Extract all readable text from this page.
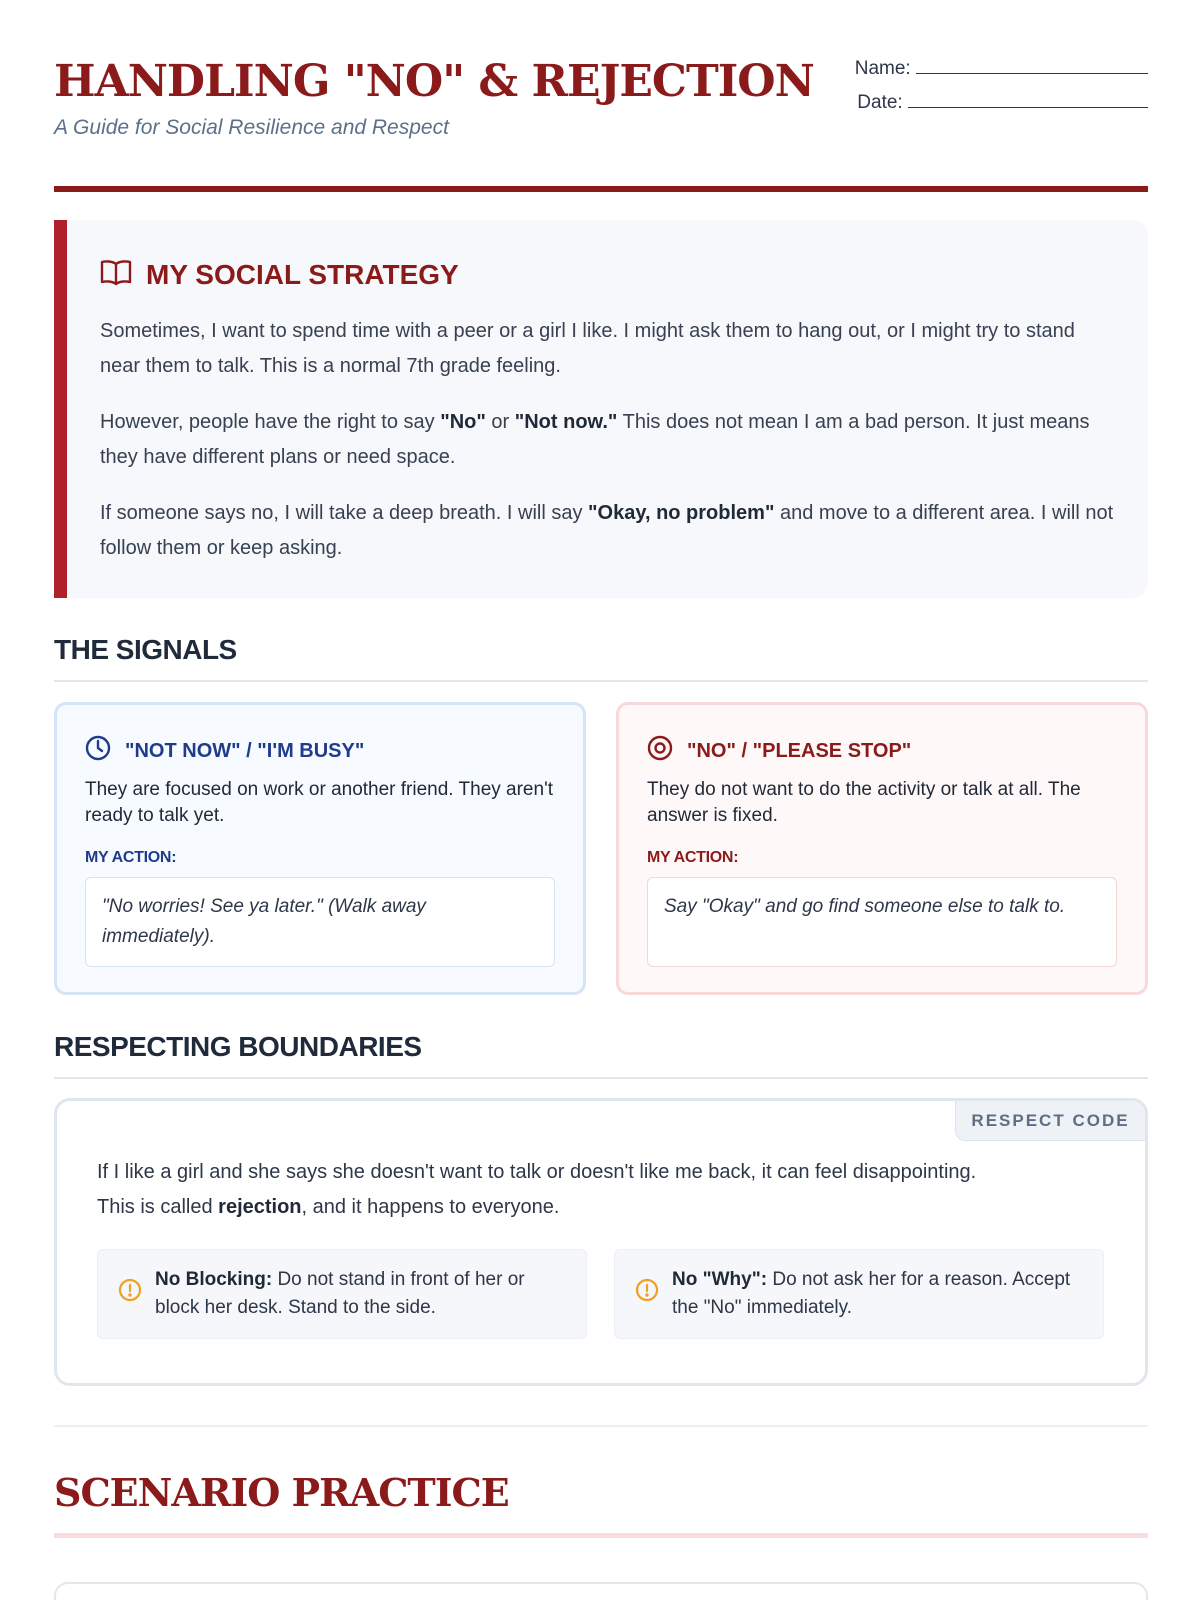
HANDLING "NO" & REJECTION
A Guide for Social Resilience and Respect
Name:
Date:
MY SOCIAL STRATEGY

Sometimes, I want to spend time with a peer or a girl I like. I might ask them to hang out, or I might try to stand near them to talk. This is a normal 7th grade feeling.

However, people have the right to say "No" or "Not now." This does not mean I am a bad person. It just means they have different plans or need space.

If someone says no, I will take a deep breath. I will say "Okay, no problem" and move to a different area. I will not follow them or keep asking.

THE SIGNALS
"NOT NOW" / "I'M BUSY"
They are focused on work or another friend. They aren't ready to talk yet.
MY ACTION:
"No worries! See ya later." (Walk away immediately).
"NO" / "PLEASE STOP"
They do not want to do the activity or talk at all. The answer is fixed.
MY ACTION:
Say "Okay" and go find someone else to talk to.
RESPECTING BOUNDARIES
RESPECT CODE
If I like a girl and she says she doesn't want to talk or doesn't like me back, it can feel disappointing. This is called rejection, and it happens to everyone.
No Blocking: Do not stand in front of her or block her desk. Stand to the side.
No "Why": Do not ask her for a reason. Accept the "No" immediately.
SCENARIO PRACTICE
